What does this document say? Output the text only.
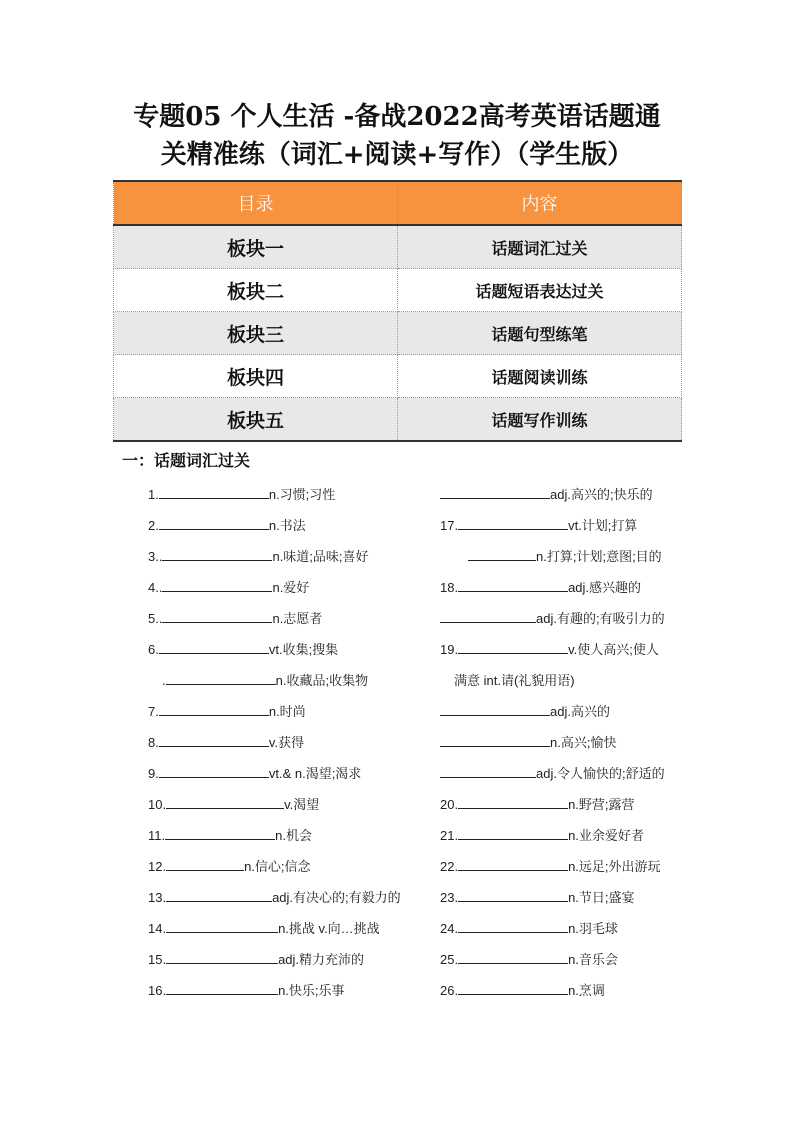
专题05 个人生活 -备战2022高考英语话题通
关精准练（词汇+阅读+写作）（学生版）
目录	内容
板块一	话题词汇过关
板块二	话题短语表达过关
板块三	话题句型练笔
板块四	话题阅读训练
板块五	话题写作训练
一：话题词汇过关
1.	n.习惯;习性
2.	n.书法
3..	n.味道;品味;喜好
4..	n.爱好
5..	n.志愿者
6.	vt.收集;搜集
.	n.收藏品;收集物
7.	n.时尚
8.	v.获得
9.	vt.& n.渴望;渴求
10.	v.渴望
11.	n.机会
12.	n.信心;信念
13.	adj.有决心的;有毅力的
14.	n.挑战 v.向…挑战
15.	adj.精力充沛的
adj.高兴的;快乐的
17.	vt.计划;打算
n.打算;计划;意图;目的
18.	adj.感兴趣的
adj.有趣的;有吸引力的
19.	v.使人高兴;使人
满意 int.请(礼貌用语)
adj.高兴的
n.高兴;愉快
adj.令人愉快的;舒适的
20.	n.野营;露营
21.	n.业余爱好者
22.	n.远足;外出游玩
23.	n.节日;盛宴
24.	n.羽毛球
25.	n.音乐会
26.	n.烹调
16.	n.快乐;乐事
